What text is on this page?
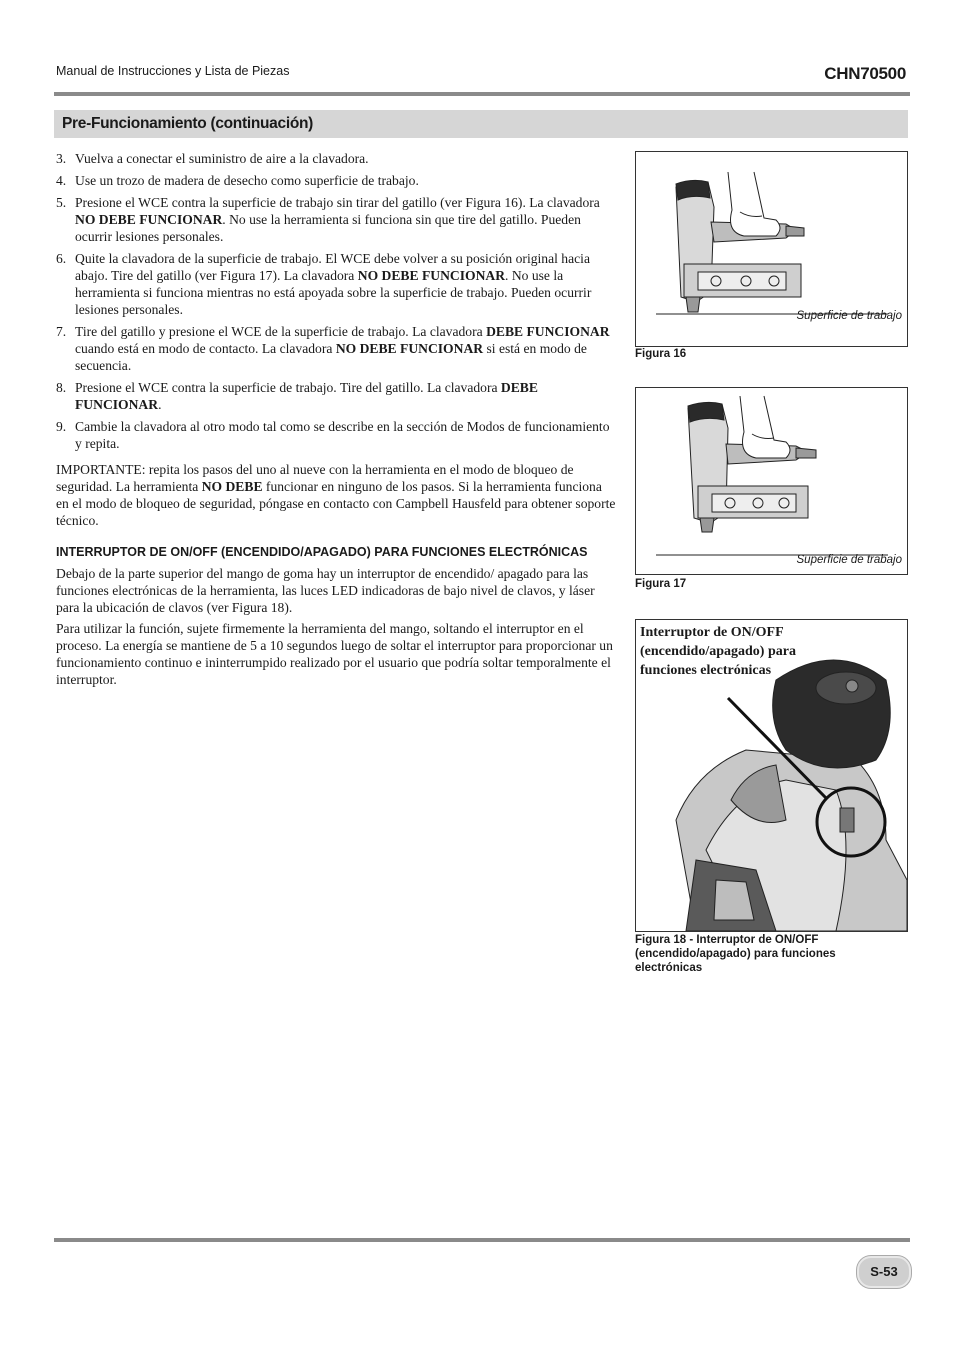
Manual de Instrucciones y Lista de Piezas	CHN70500
Pre-Funcionamiento (continuación)
3. Vuelva a conectar el suministro de aire a la clavadora.
4. Use un trozo de madera de desecho como superficie de trabajo.
5. Presione el WCE contra la superficie de trabajo sin tirar del gatillo (ver Figura 16). La clavadora NO DEBE FUNCIONAR. No use la herramienta si funciona sin que tire del gatillo. Pueden ocurrir lesiones personales.
6. Quite la clavadora de la superficie de trabajo. El WCE debe volver a su posición original hacia abajo. Tire del gatillo (ver Figura 17). La clavadora NO DEBE FUNCIONAR. No use la herramienta si funciona mientras no está apoyada sobre la superficie de trabajo. Pueden ocurrir lesiones personales.
7. Tire del gatillo y presione el WCE de la superficie de trabajo. La clavadora DEBE FUNCIONAR cuando está en modo de contacto. La clavadora NO DEBE FUNCIONAR si está en modo de secuencia.
8. Presione el WCE contra la superficie de trabajo. Tire del gatillo. La clavadora DEBE FUNCIONAR.
9. Cambie la clavadora al otro modo tal como se describe en la sección de Modos de funcionamiento y repita.
IMPORTANTE: repita los pasos del uno al nueve con la herramienta en el modo de bloqueo de seguridad. La herramienta NO DEBE funcionar en ninguno de los pasos. Si la herramienta funciona en el modo de bloqueo de seguridad, póngase en contacto con Campbell Hausfeld para obtener soporte técnico.
INTERRUPTOR DE ON/OFF (ENCENDIDO/APAGADO) PARA FUNCIONES ELECTRÓNICAS
Debajo de la parte superior del mango de goma hay un interruptor de encendido/ apagado para las funciones electrónicas de la herramienta, las luces LED indicadoras de bajo nivel de clavos, y láser para la ubicación de clavos (ver Figura 18).
Para utilizar la función, sujete firmemente la herramienta del mango, soltando el interruptor en el proceso. La energía se mantiene de 5 a 10 segundos luego de soltar el interruptor para proporcionar un funcionamiento continuo e ininterrumpido realizado por el usuario que podría soltar temporalmente el interruptor.
Superficie de trabajo
Figura 16
Superficie de trabajo
Figura 17
Interruptor de ON/OFF (encendido/apagado) para funciones electrónicas
Figura 18 - Interruptor de ON/OFF (encendido/apagado) para funciones electrónicas
S-53
